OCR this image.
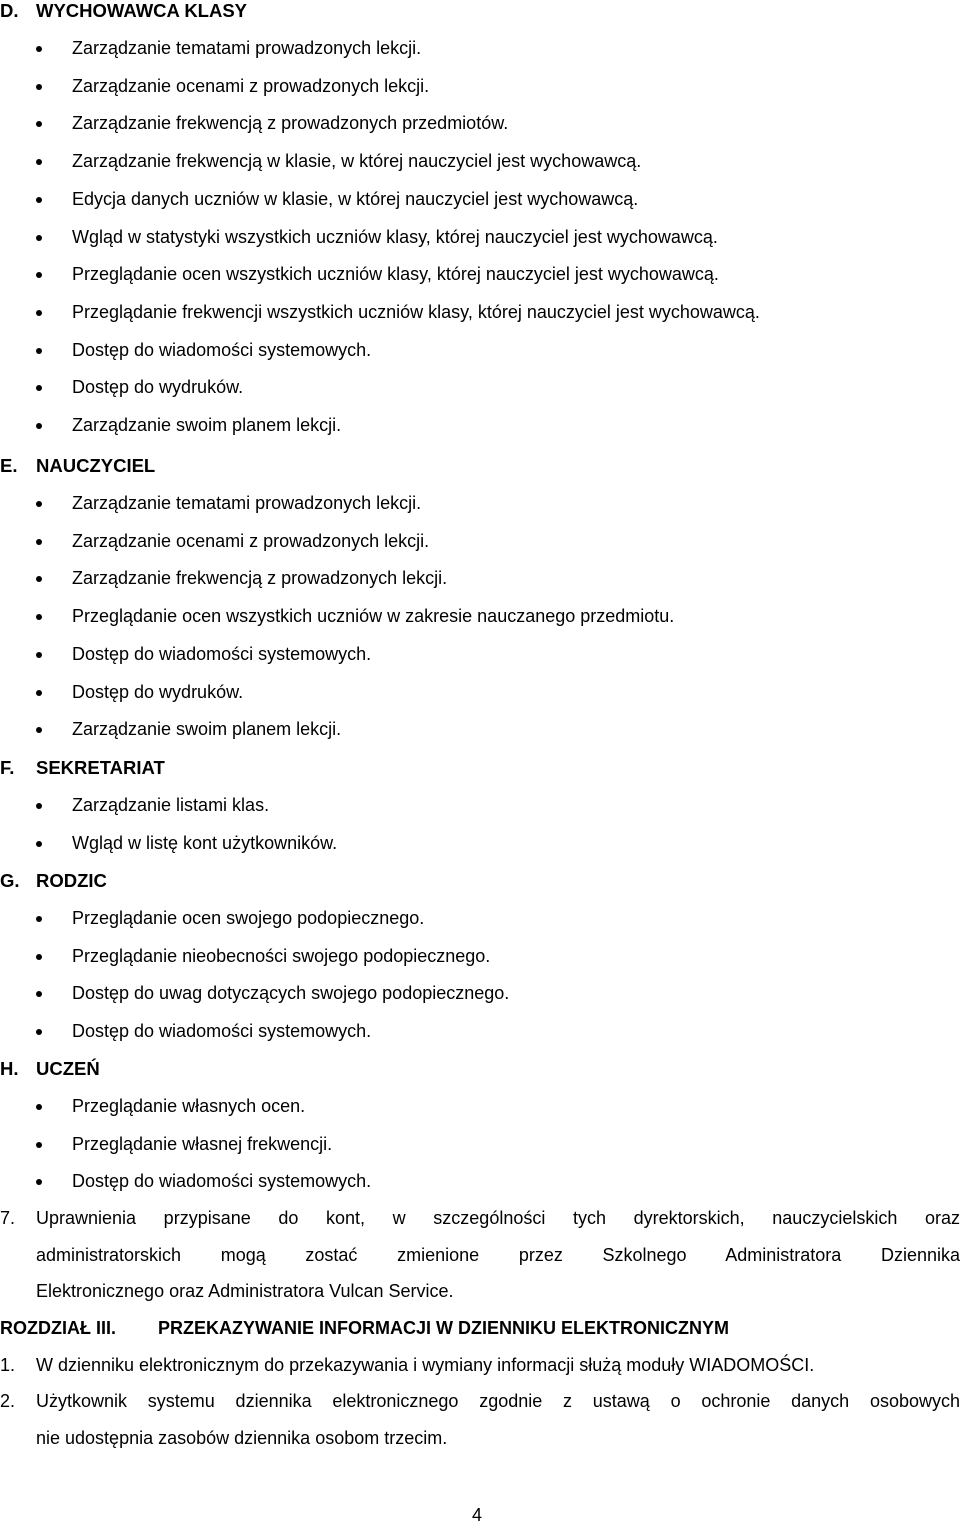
D. WYCHOWAWCA KLASY
Zarządzanie tematami prowadzonych lekcji.
Zarządzanie ocenami z prowadzonych lekcji.
Zarządzanie frekwencją z prowadzonych przedmiotów.
Zarządzanie frekwencją w klasie, w której nauczyciel jest wychowawcą.
Edycja danych uczniów w klasie, w której nauczyciel jest wychowawcą.
Wgląd w statystyki wszystkich uczniów klasy, której nauczyciel jest wychowawcą.
Przeglądanie ocen wszystkich uczniów klasy, której nauczyciel jest wychowawcą.
Przeglądanie frekwencji wszystkich uczniów klasy, której nauczyciel jest wychowawcą.
Dostęp do wiadomości systemowych.
Dostęp do wydruków.
Zarządzanie swoim planem lekcji.
E. NAUCZYCIEL
Zarządzanie tematami prowadzonych lekcji.
Zarządzanie ocenami z prowadzonych lekcji.
Zarządzanie frekwencją z prowadzonych lekcji.
Przeglądanie ocen wszystkich uczniów w zakresie nauczanego przedmiotu.
Dostęp do wiadomości systemowych.
Dostęp do wydruków.
Zarządzanie swoim planem lekcji.
F. SEKRETARIAT
Zarządzanie listami klas.
Wgląd w listę kont użytkowników.
G. RODZIC
Przeglądanie ocen swojego podopiecznego.
Przeglądanie nieobecności swojego podopiecznego.
Dostęp do uwag dotyczących swojego podopiecznego.
Dostęp do wiadomości systemowych.
H. UCZEŃ
Przeglądanie własnych ocen.
Przeglądanie własnej frekwencji.
Dostęp do wiadomości systemowych.
7. Uprawnienia przypisane do kont, w szczególności tych dyrektorskich, nauczycielskich oraz
administratorskich mogą zostać zmienione przez Szkolnego Administratora Dziennika
Elektronicznego oraz Administratora Vulcan Service.
ROZDZIAŁ III. PRZEKAZYWANIE INFORMACJI W DZIENNIKU ELEKTRONICZNYM
1. W dzienniku elektronicznym do przekazywania i wymiany informacji służą moduły WIADOMOŚCI.
2. Użytkownik systemu dziennika elektronicznego zgodnie z ustawą o ochronie danych osobowych
nie udostępnia zasobów dziennika osobom trzecim.
4
